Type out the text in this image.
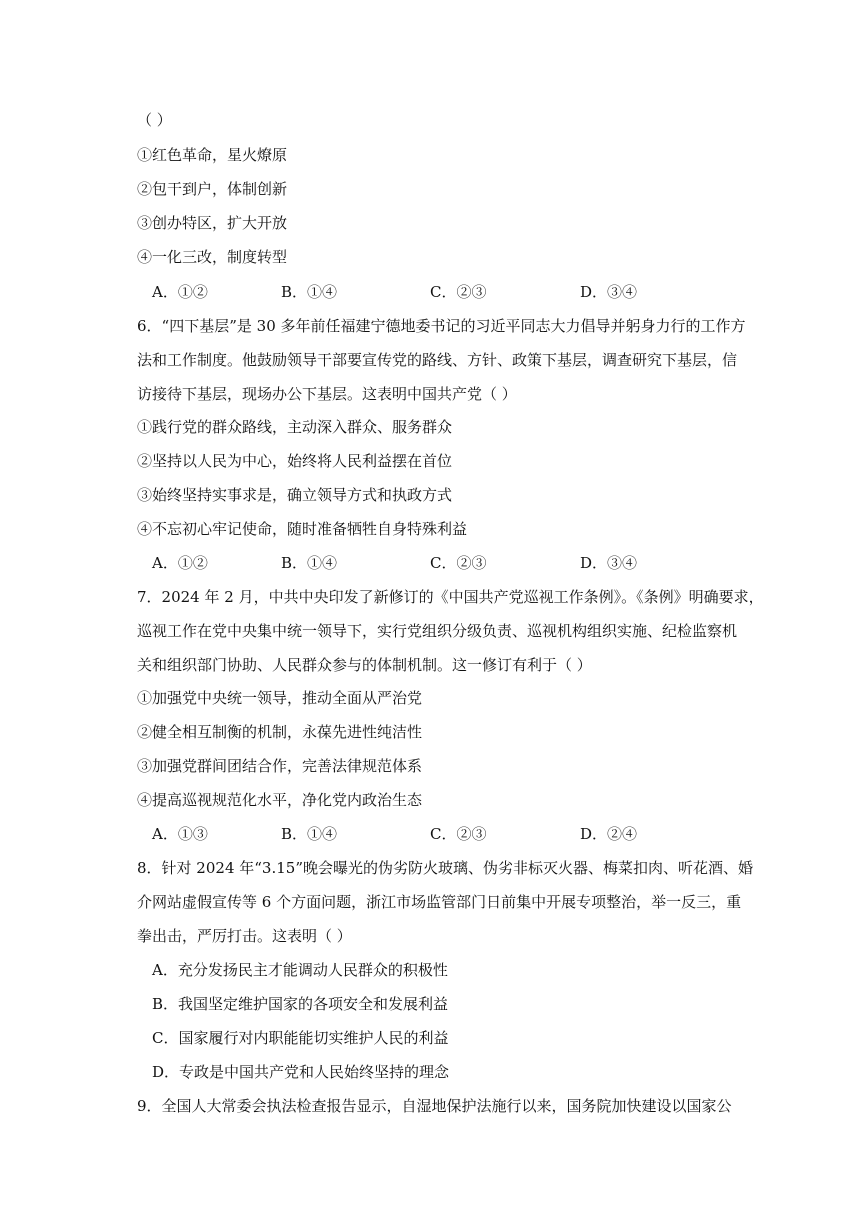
（ ）
①红色革命，星火燎原
②包干到户，体制创新
③创办特区，扩大开放
④一化三改，制度转型
A．①②	B．①④	C．②③	D．③④
6．“四下基层”是 30 多年前任福建宁德地委书记的习近平同志大力倡导并躬身力行的工作方
法和工作制度。他鼓励领导干部要宣传党的路线、方针、政策下基层，调查研究下基层，信
访接待下基层，现场办公下基层。这表明中国共产党（ ）
①践行党的群众路线，主动深入群众、服务群众
②坚持以人民为中心，始终将人民利益摆在首位
③始终坚持实事求是，确立领导方式和执政方式
④不忘初心牢记使命，随时准备牺牲自身特殊利益
A．①②	B．①④	C．②③	D．③④
7．2024 年 2 月，中共中央印发了新修订的《中国共产党巡视工作条例》。《条例》明确要求，
巡视工作在党中央集中统一领导下，实行党组织分级负责、巡视机构组织实施、纪检监察机
关和组织部门协助、人民群众参与的体制机制。这一修订有利于（ ）
①加强党中央统一领导，推动全面从严治党
②健全相互制衡的机制，永葆先进性纯洁性
③加强党群间团结合作，完善法律规范体系
④提高巡视规范化水平，净化党内政治生态
A．①③	B．①④	C．②③	D．②④
8．针对 2024 年“3.15”晚会曝光的伪劣防火玻璃、伪劣非标灭火器、梅菜扣肉、听花酒、婚
介网站虚假宣传等 6 个方面问题，浙江市场监管部门日前集中开展专项整治，举一反三，重
拳出击，严厉打击。这表明（ ）
A．充分发扬民主才能调动人民群众的积极性
B．我国坚定维护国家的各项安全和发展利益
C．国家履行对内职能能切实维护人民的利益
D．专政是中国共产党和人民始终坚持的理念
9．全国人大常委会执法检查报告显示，自湿地保护法施行以来，国务院加快建设以国家公
